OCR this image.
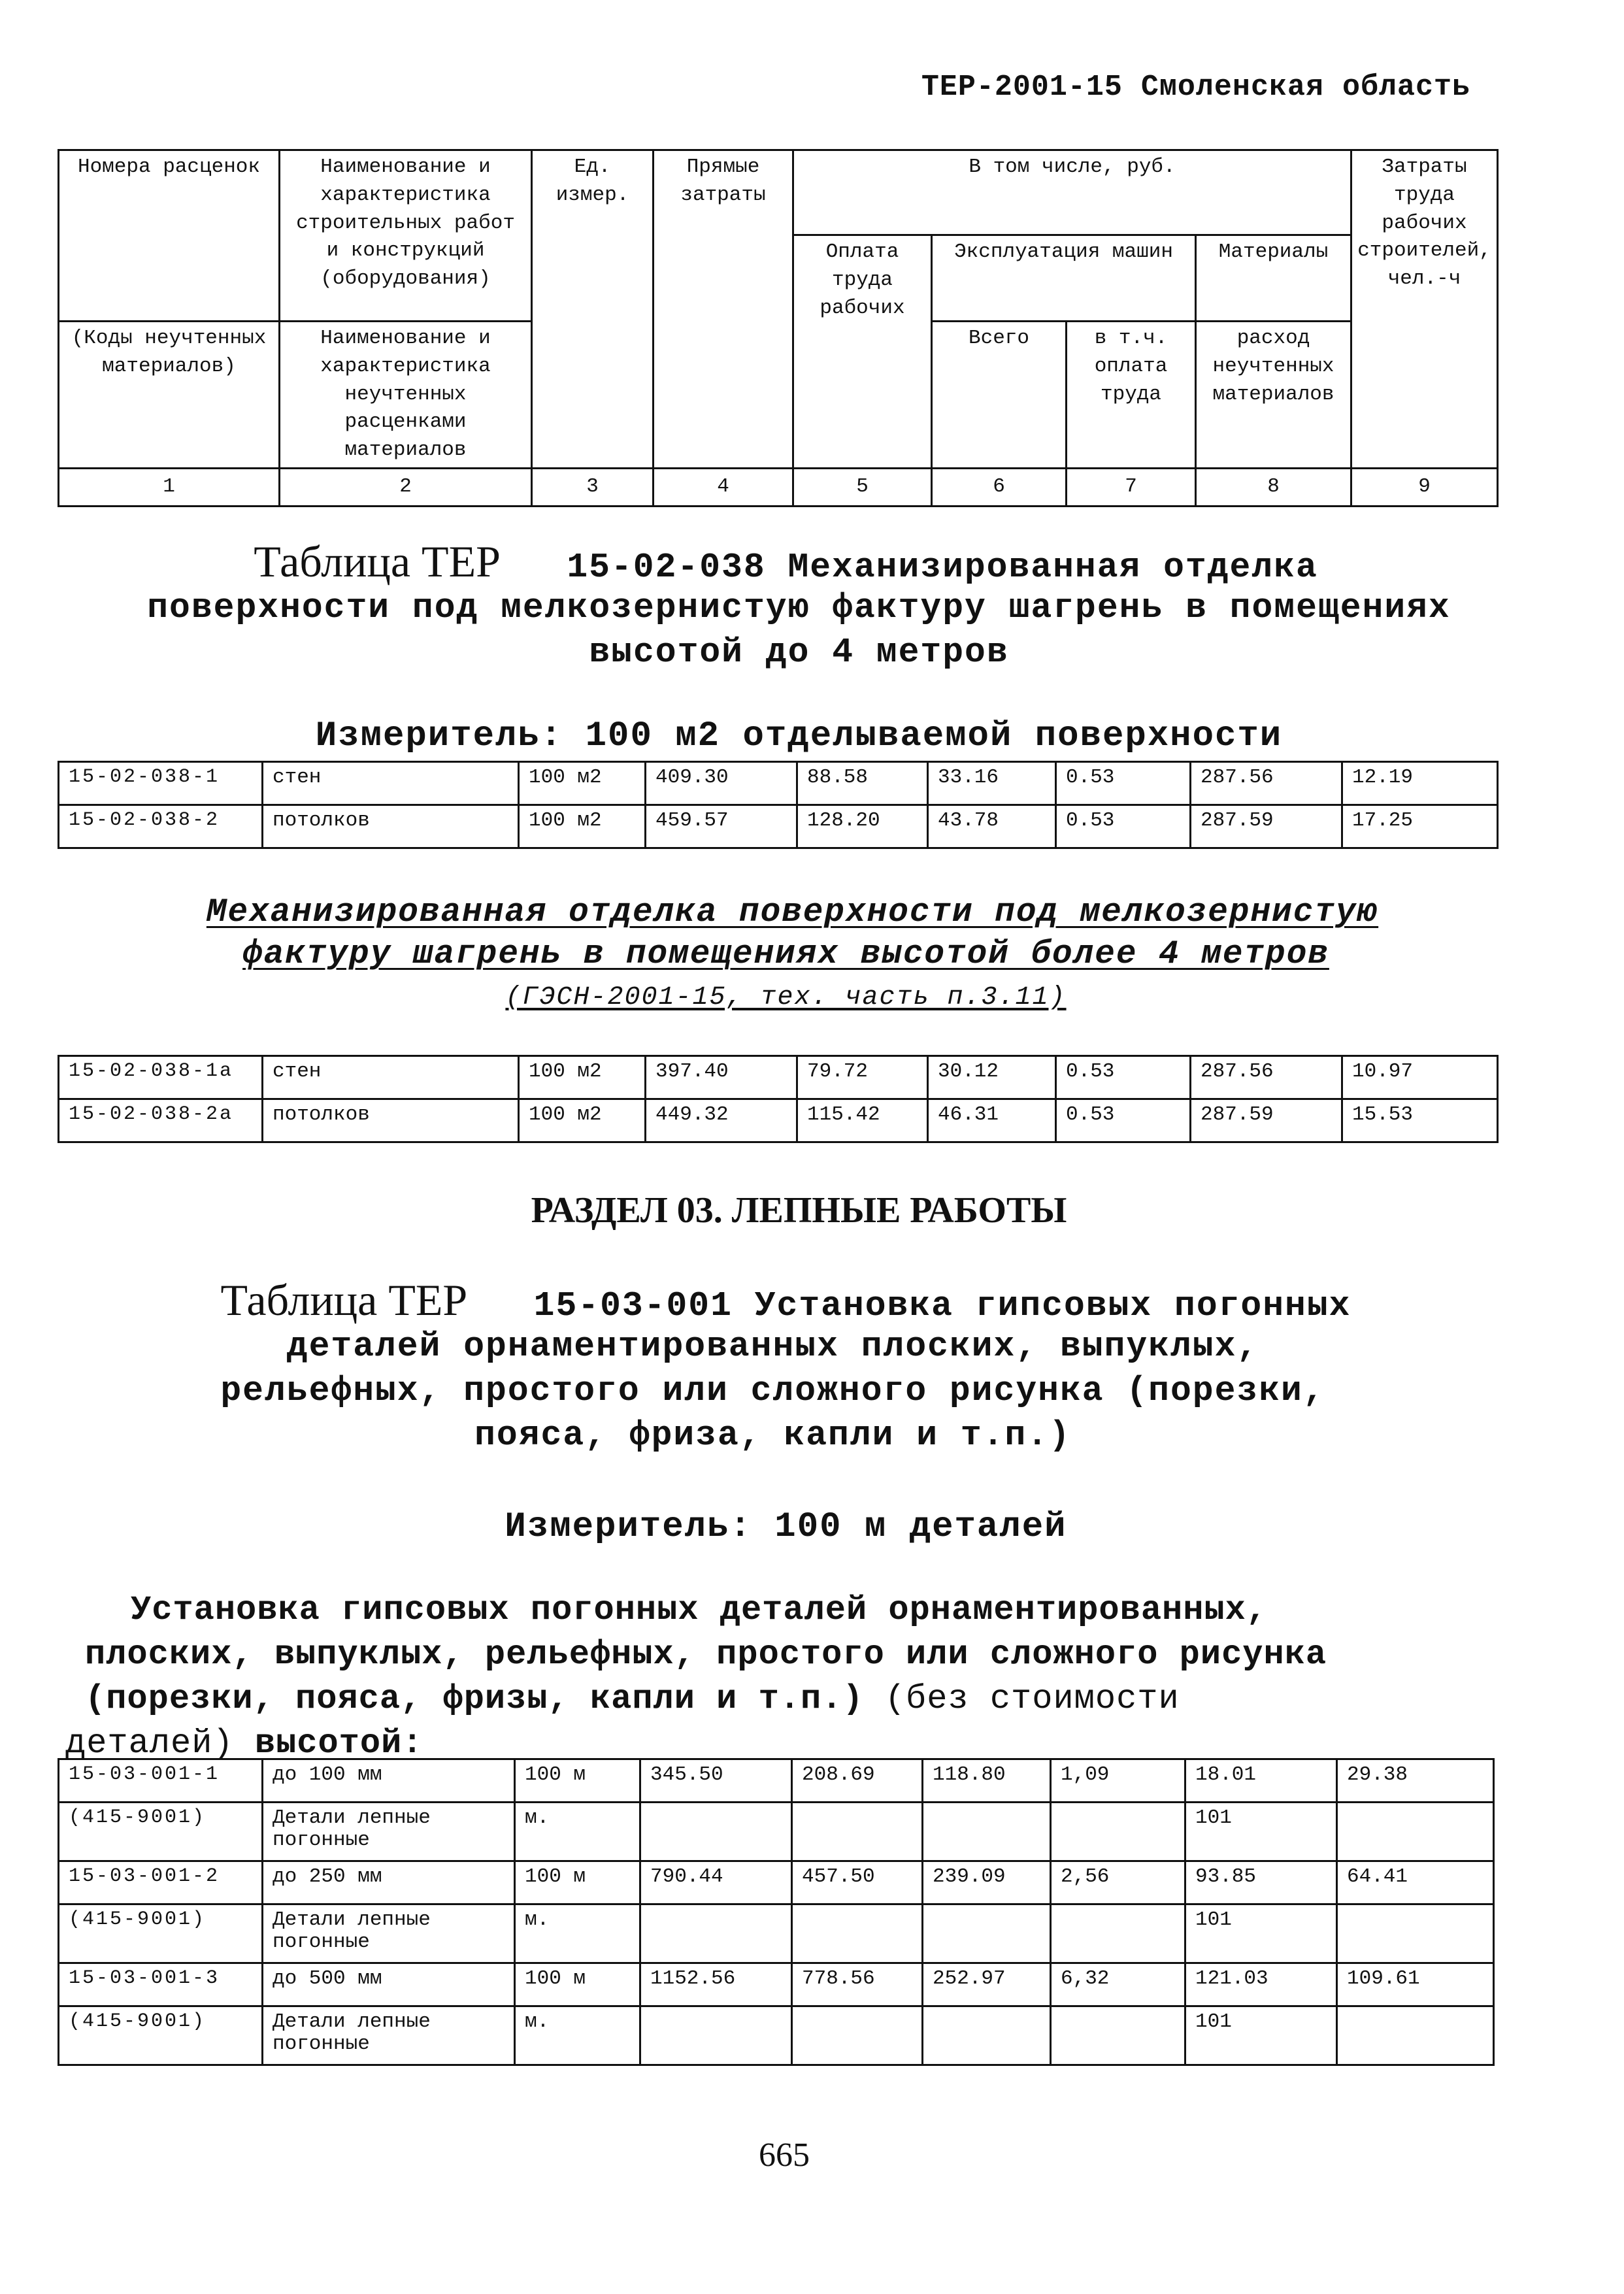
ТЕР-2001-15 Смоленская область
Номера расценок	Наименование и характеристика строительных работ и конструкций (оборудования)	Ед. измер.	Прямые затраты	В том числе, руб.				Затраты труда рабочих строителей, чел.-ч
				Оплата труда рабочих	Эксплуатация машин		Материалы	
(Коды неучтенных материалов)	Наименование и характеристика неучтенных расценками материалов				Всего	в т.ч. оплата труда	расход неучтенных материалов	
1	2	3	4	5	6	7	8	9
Таблица ТЕР 15-02-038 Механизированная отделка
поверхности под мелкозернистую фактуру шагрень в помещениях
высотой до 4 метров
Измеритель: 100 м2 отделываемой поверхности
15-02-038-1	стен	100 м2	409.30	88.58	33.16	0.53	287.56	12.19
15-02-038-2	потолков	100 м2	459.57	128.20	43.78	0.53	287.59	17.25
Механизированная отделка поверхности под мелкозернистую
фактуру шагрень в помещениях высотой более 4 метров
(ГЭСН-2001-15, тех. часть п.3.11)
15-02-038-1а	стен	100 м2	397.40	79.72	30.12	0.53	287.56	10.97
15-02-038-2а	потолков	100 м2	449.32	115.42	46.31	0.53	287.59	15.53
РАЗДЕЛ 03. ЛЕПНЫЕ РАБОТЫ
Таблица ТЕР 15-03-001 Установка гипсовых погонных
деталей орнаментированных плоских, выпуклых,
рельефных, простого или сложного рисунка (порезки,
пояса, фриза, капли и т.п.)
Измеритель: 100 м деталей
Установка гипсовых погонных деталей орнаментированных,
плоских, выпуклых, рельефных, простого или сложного рисунка
(порезки, пояса, фризы, капли и т.п.) (без стоимости
деталей) высотой:
15-03-001-1	до 100 мм	100 м	345.50	208.69	118.80	1,09	18.01	29.38
(415-9001)	Детали лепные погонные	м.					101	
15-03-001-2	до 250 мм	100 м	790.44	457.50	239.09	2,56	93.85	64.41
(415-9001)	Детали лепные погонные	м.					101	
15-03-001-3	до 500 мм	100 м	1152.56	778.56	252.97	6,32	121.03	109.61
(415-9001)	Детали лепные погонные	м.					101	
665
